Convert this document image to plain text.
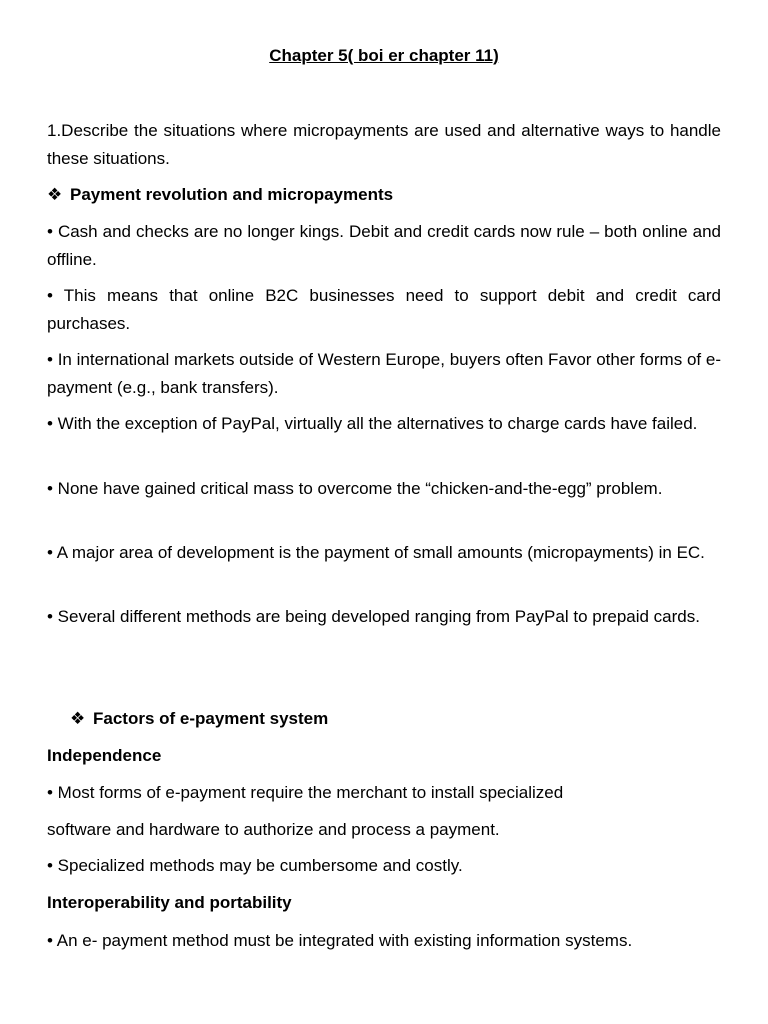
Chapter 5( boi er chapter 11)

1.Describe the situations where micropayments are used and alternative ways to handle these situations.

❖ Payment revolution and micropayments

• Cash and checks are no longer kings. Debit and credit cards now rule – both online and offline.

• This means that online B2C businesses need to support debit and credit card purchases.

• In international markets outside of Western Europe, buyers often Favor other forms of e-payment (e.g., bank transfers).

• With the exception of PayPal, virtually all the alternatives to charge cards have failed.

• None have gained critical mass to overcome the “chicken-and-the-egg” problem.

• A major area of development is the payment of small amounts (micropayments) in EC.

• Several different methods are being developed ranging from PayPal to prepaid cards.

❖ Factors of e-payment system

Independence

• Most forms of e-payment require the merchant to install specialized

software and hardware to authorize and process a payment.

• Specialized methods may be cumbersome and costly.

Interoperability and portability

• An e- payment method must be integrated with existing information systems.
